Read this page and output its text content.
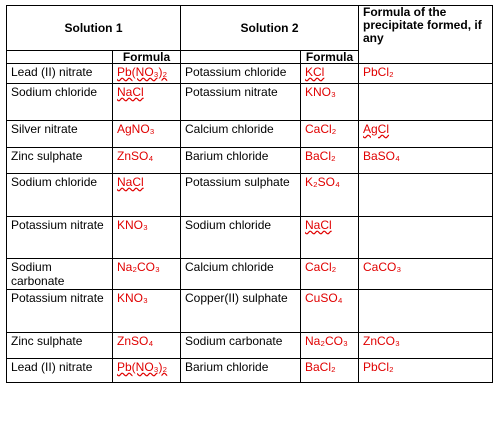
Solution 1		Solution 2		Formula of the precipitate formed, if any
	Formula		Formula	
Lead (II) nitrate	Pb(NO₃)₂	Potassium chloride	KCl	PbCl₂
Sodium chloride	NaCl	Potassium nitrate	KNO₃	
Silver nitrate	AgNO₃	Calcium chloride	CaCl₂	AgCl
Zinc sulphate	ZnSO₄	Barium chloride	BaCl₂	BaSO₄
Sodium chloride	NaCl	Potassium sulphate	K₂SO₄	
Potassium nitrate	KNO₃	Sodium chloride	NaCl	
Sodium carbonate	Na₂CO₃	Calcium chloride	CaCl₂	CaCO₃
Potassium nitrate	KNO₃	Copper(II) sulphate	CuSO₄	
Zinc sulphate	ZnSO₄	Sodium carbonate	Na₂CO₃	ZnCO₃
Lead (II) nitrate	Pb(NO₃)₂	Barium chloride	BaCl₂	PbCl₂
